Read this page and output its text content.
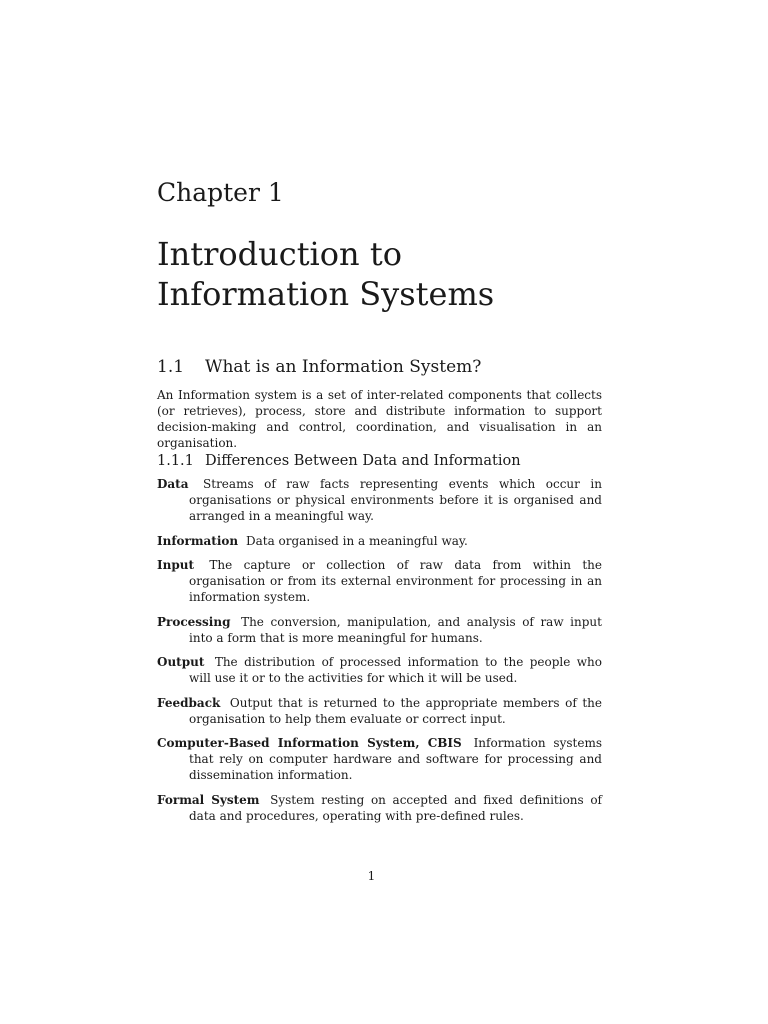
Chapter 1
Introduction to Information Systems
1.1 What is an Information System?

An Information system is a set of inter-related components that collects (or retrieves), process, store and distribute information to support decision-making and control, coordination, and visualisation in an organisation.

1.1.1 Differences Between Data and Information

Data Streams of raw facts representing events which occur in organisations or physical environments before it is organised and arranged in a meaningful way.

Information Data organised in a meaningful way.

Input The capture or collection of raw data from within the organisation or from its external environment for processing in an information system.

Processing The conversion, manipulation, and analysis of raw input into a form that is more meaningful for humans.

Output The distribution of processed information to the people who will use it or to the activities for which it will be used.

Feedback Output that is returned to the appropriate members of the organisation to help them evaluate or correct input.

Computer-Based Information System, CBIS Information systems that rely on computer hardware and software for processing and dissemination information.

Formal System System resting on accepted and fixed definitions of data and procedures, operating with pre-defined rules.

1
